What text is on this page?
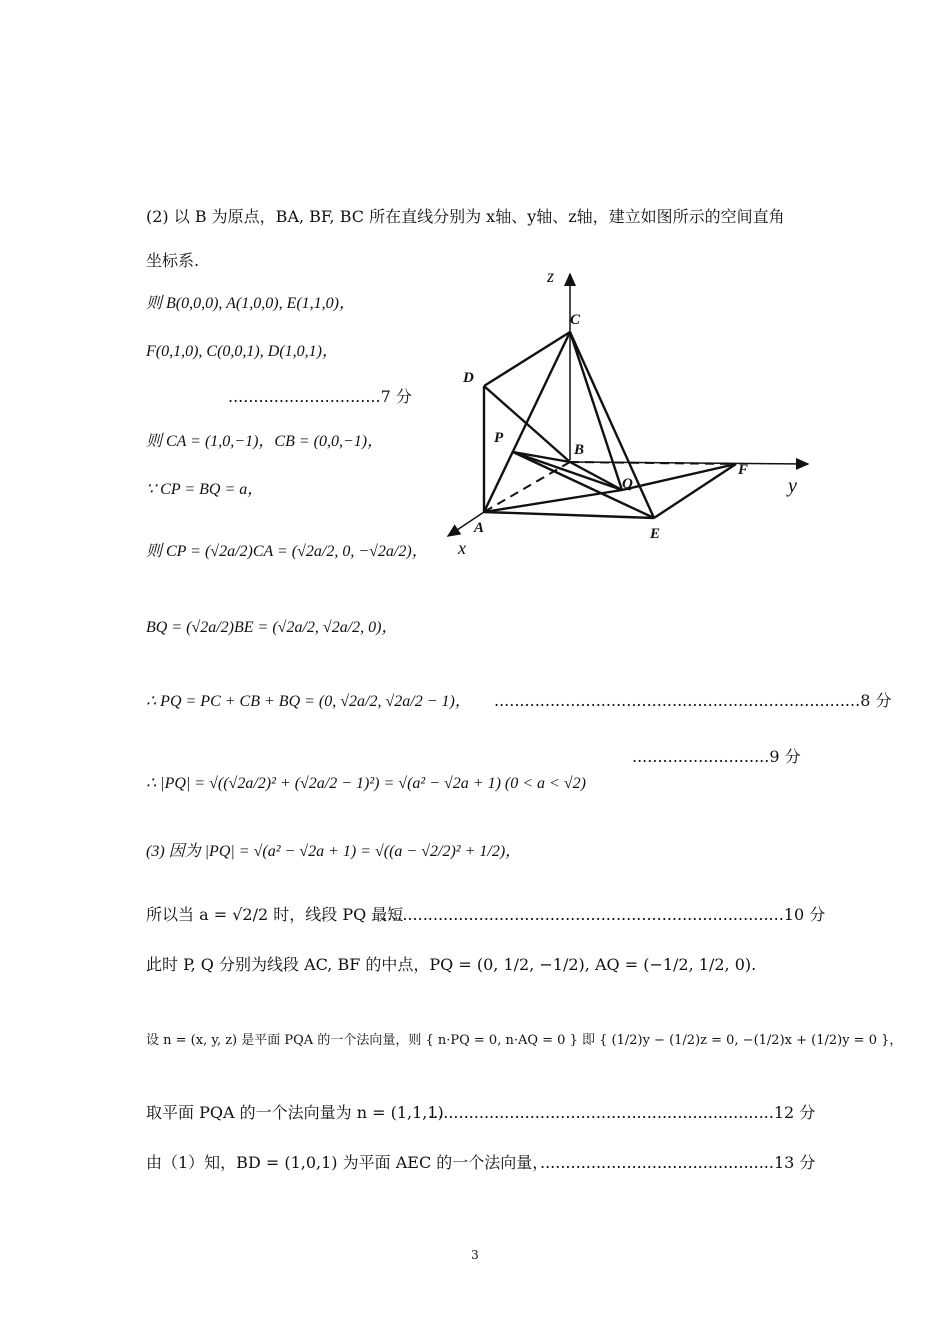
(2) 以 B 为原点，BA, BF, BC 所在直线分别为 x轴、y轴、z轴，建立如图所示的空间直角
坐标系.
则 B(0,0,0), A(1,0,0), E(1,1,0)，
F(0,1,0), C(0,0,1), D(1,0,1)，
..............................7 分
则 CA = (1,0,−1)，CB = (0,0,−1)，
∵ CP = BQ = a，
则 CP = (√2a/2)CA = (√2a/2, 0, −√2a/2)，
BQ = (√2a/2)BE = (√2a/2, √2a/2, 0)，
∴ PQ = PC + CB + BQ = (0, √2a/2, √2a/2 − 1)， ........................................................................8 分
...........................9 分
∴ |PQ| = √((√2a/2)² + (√2a/2 − 1)²) = √(a² − √2a + 1) (0 < a < √2)
(3) 因为 |PQ| = √(a² − √2a + 1) = √((a − √2/2)² + 1/2)，
所以当 a = √2/2 时，线段 PQ 最短
...............................................................................10 分
此时 P, Q 分别为线段 AC, BF 的中点，PQ = (0, 1/2, −1/2), AQ = (−1/2, 1/2, 0).
设 n = (x, y, z) 是平面 PQA 的一个法向量，则 { n·PQ = 0, n·AQ = 0 } 即 { (1/2)y − (1/2)z = 0, −(1/2)x + (1/2)y = 0 }，
取平面 PQA 的一个法向量为 n = (1,1,1)
....................................................................12 分
由（1）知，BD = (1,0,1) 为平面 AEC 的一个法向量，
..............................................13 分
z
y
x
C
D
P
B
F
Q
A	E
3
